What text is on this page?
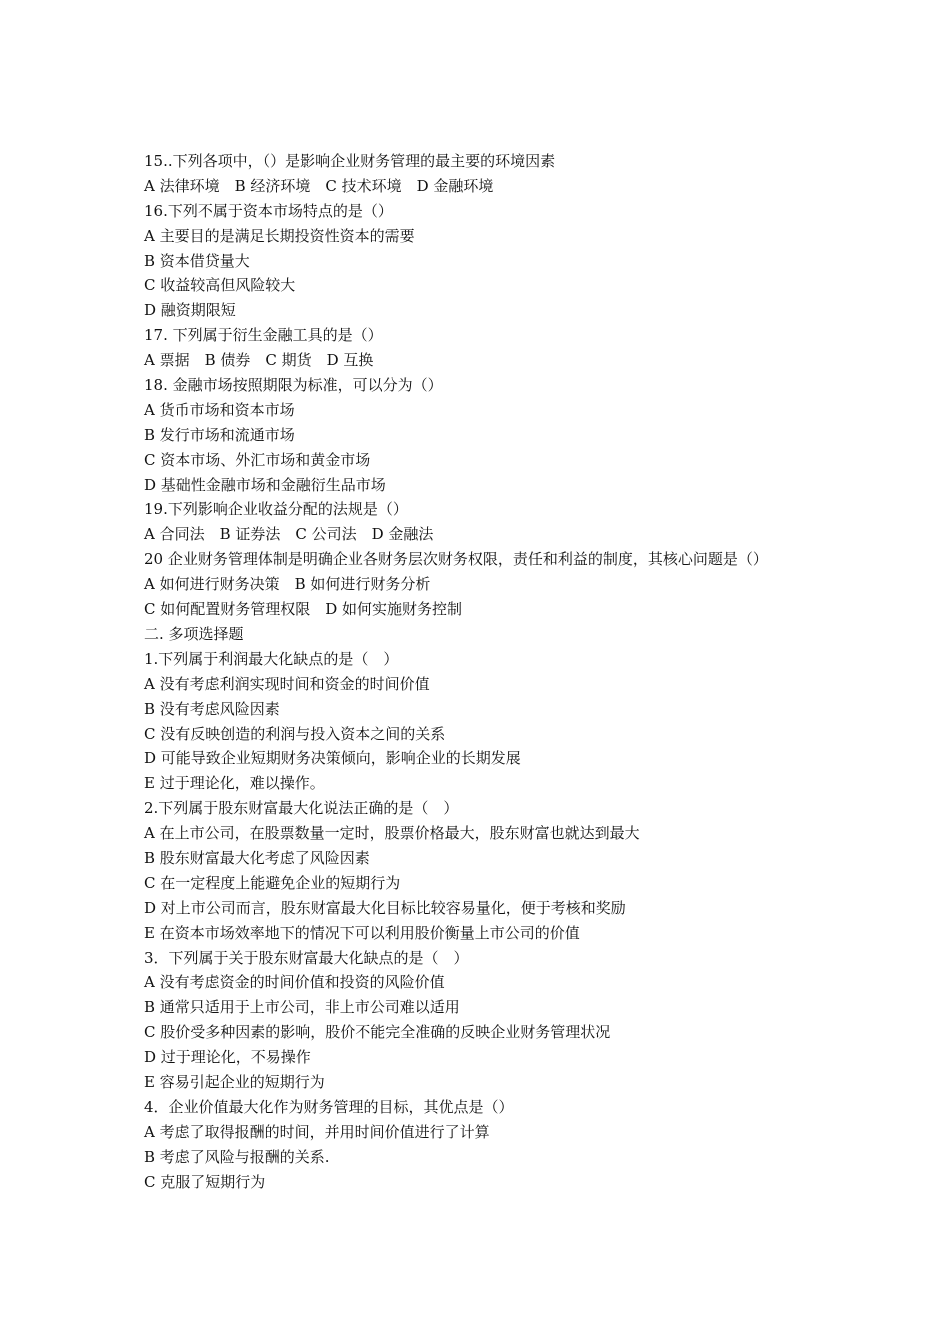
15..下列各项中，（）是影响企业财务管理的最主要的环境因素
A 法律环境　B 经济环境　C 技术环境　D 金融环境
16.下列不属于资本市场特点的是（）
A 主要目的是满足长期投资性资本的需要
B 资本借贷量大
C 收益较高但风险较大
D 融资期限短
17. 下列属于衍生金融工具的是（）
A 票据　B 债券　C 期货　D 互换
18. 金融市场按照期限为标准，可以分为（）
A 货币市场和资本市场
B 发行市场和流通市场
C 资本市场、外汇市场和黄金市场
D 基础性金融市场和金融衍生品市场
19.下列影响企业收益分配的法规是（）
A 合同法　B 证券法　C 公司法　D 金融法
20 企业财务管理体制是明确企业各财务层次财务权限，责任和利益的制度，其核心问题是（）
A 如何进行财务决策　B 如何进行财务分析
C 如何配置财务管理权限　D 如何实施财务控制
二. 多项选择题
1.下列属于利润最大化缺点的是（　）
A 没有考虑利润实现时间和资金的时间价值
B 没有考虑风险因素
C 没有反映创造的利润与投入资本之间的关系
D 可能导致企业短期财务决策倾向，影响企业的长期发展
E 过于理论化，难以操作。
2.下列属于股东财富最大化说法正确的是（　）
A 在上市公司，在股票数量一定时，股票价格最大，股东财富也就达到最大
B 股东财富最大化考虑了风险因素
C 在一定程度上能避免企业的短期行为
D 对上市公司而言，股东财富最大化目标比较容易量化，便于考核和奖励
E 在资本市场效率地下的情况下可以利用股价衡量上市公司的价值
3．下列属于关于股东财富最大化缺点的是（　）
A 没有考虑资金的时间价值和投资的风险价值
B 通常只适用于上市公司，非上市公司难以适用
C 股价受多种因素的影响，股价不能完全准确的反映企业财务管理状况
D 过于理论化，不易操作
E 容易引起企业的短期行为
4．企业价值最大化作为财务管理的目标，其优点是（）
A 考虑了取得报酬的时间，并用时间价值进行了计算
B 考虑了风险与报酬的关系.
C 克服了短期行为
